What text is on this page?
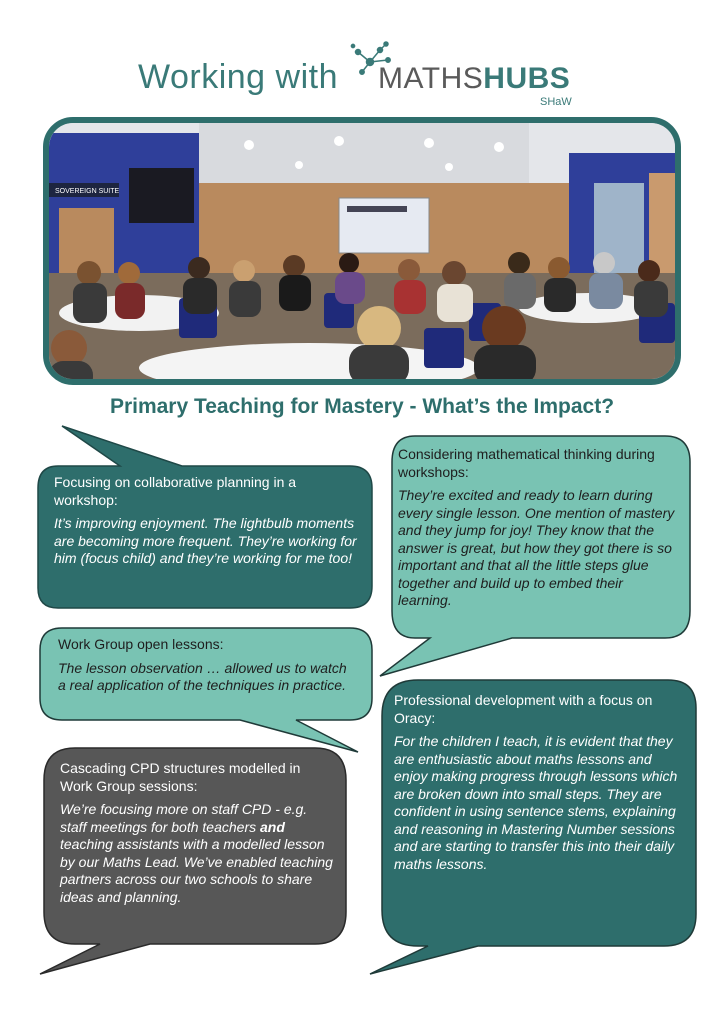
Working with MATHSHUBS
SHaW
SOVEREIGN SUITE
Primary Teaching for Mastery - What’s the Impact?
Focusing on collaborative planning in a workshop:
It’s improving enjoyment. The lightbulb moments are becoming more frequent. They’re working for him (focus child) and they’re working for me too!
Considering mathematical thinking during workshops:
They’re excited and ready to learn during every single lesson. One mention of mastery and they jump for joy! They know that the answer is great, but how they got there is so important and that all the little steps glue together and build up to embed their learning.
Work Group open lessons:
The lesson observation … allowed us to watch a real application of the techniques in practice.
Professional development with a focus on Oracy:
For the children I teach, it is evident that they are enthusiastic about maths lessons and enjoy making progress through lessons which are broken down into small steps. They are confident in using sentence stems, explaining and reasoning in Mastering Number sessions and are starting to transfer this into their daily maths lessons.
Cascading CPD structures modelled in Work Group sessions:
We’re focusing more on staff CPD - e.g. staff meetings for both teachers and teaching assistants with a modelled lesson by our Maths Lead. We’ve enabled teaching partners across our two schools to share ideas and planning.
